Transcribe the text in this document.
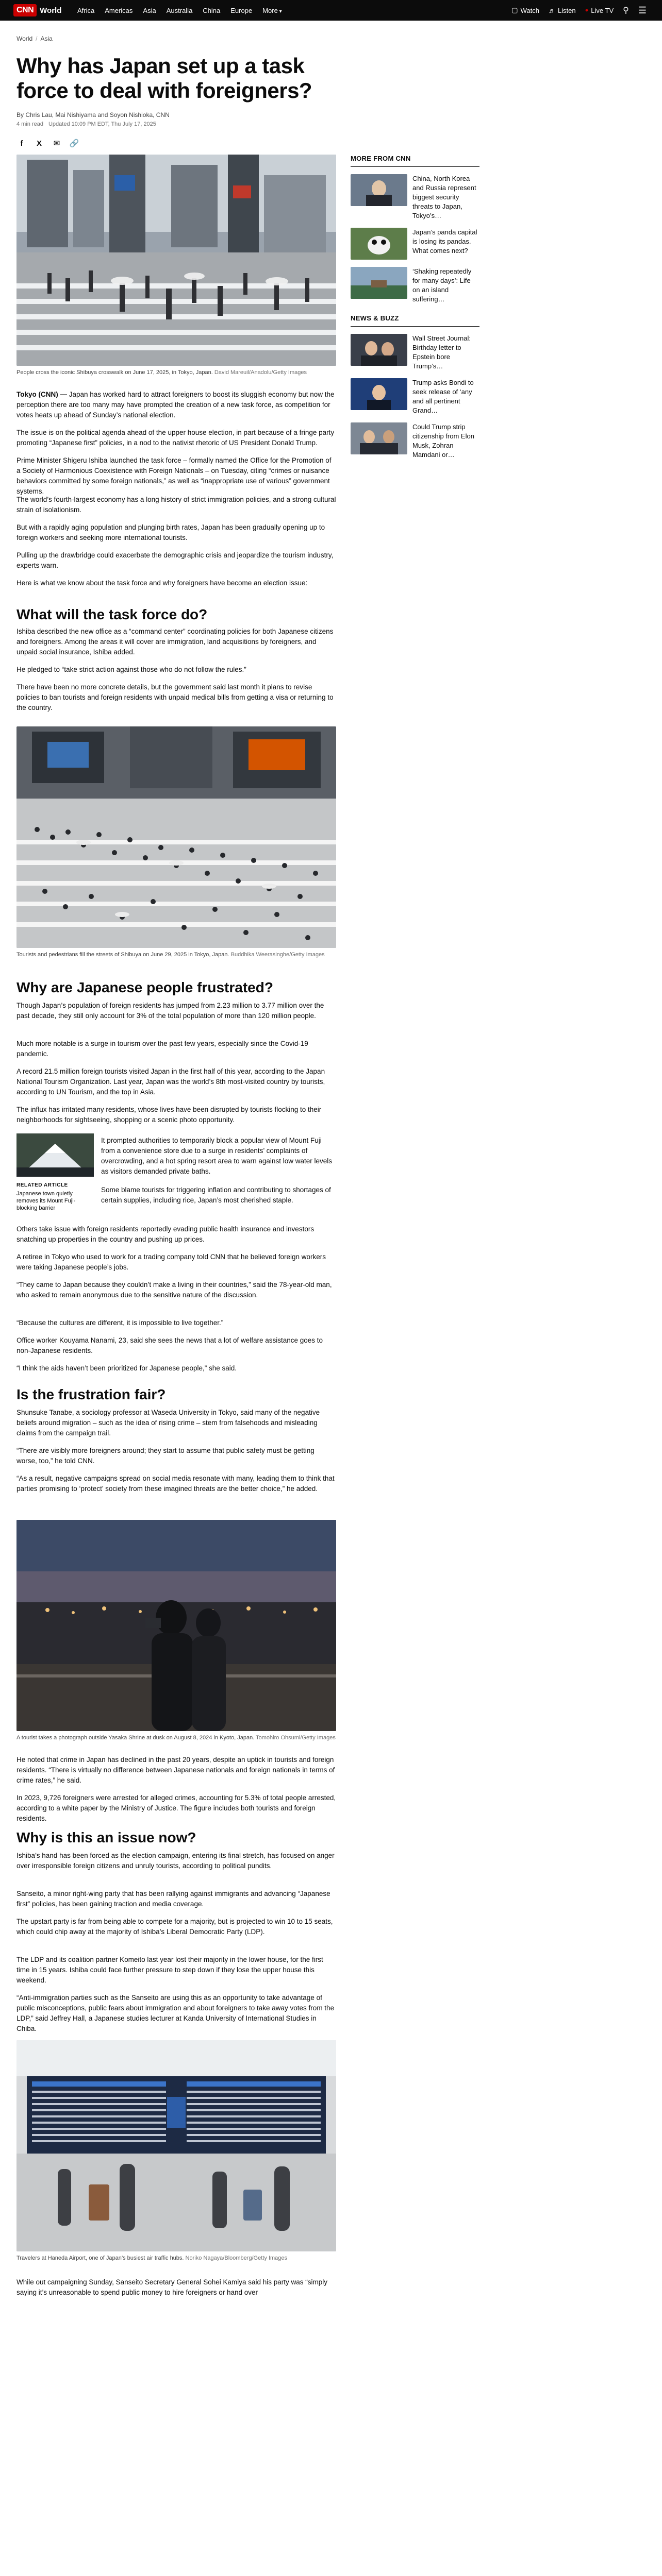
CNN World Africa Americas Asia Australia China Europe More ▾	▢ Watch ♬ Listen ● Live TV ⚲ ☰
World / Asia
Why has Japan set up a task force to deal with foreigners?
By Chris Lau, Mai Nishiyama and Soyon Nishioka, CNN
4 min read Updated 10:09 PM EDT, Thu July 17, 2025
f	X	✉ 🔗
People cross the iconic Shibuya crosswalk on June 17, 2025, in Tokyo, Japan. David Mareuil/Anadolu/Getty Images

Tokyo (CNN) — Japan has worked hard to attract foreigners to boost its sluggish economy but now the perception there are too many may have prompted the creation of a new task force, as competition for votes heats up ahead of Sunday’s national election.

The issue is on the political agenda ahead of the upper house election, in part because of a fringe party promoting “Japanese first” policies, in a nod to the nativist rhetoric of US President Donald Trump.

Prime Minister Shigeru Ishiba launched the task force – formally named the Office for the Promotion of a Society of Harmonious Coexistence with Foreign Nationals – on Tuesday, citing “crimes or nuisance behaviors committed by some foreign nationals,” as well as “inappropriate use of various” government systems.

The world’s fourth-largest economy has a long history of strict immigration policies, and a strong cultural strain of isolationism.

But with a rapidly aging population and plunging birth rates, Japan has been gradually opening up to foreign workers and seeking more international tourists.

Pulling up the drawbridge could exacerbate the demographic crisis and jeopardize the tourism industry, experts warn.

Here is what we know about the task force and why foreigners have become an election issue:

What will the task force do?

Ishiba described the new office as a “command center” coordinating policies for both Japanese citizens and foreigners. Among the areas it will cover are immigration, land acquisitions by foreigners, and unpaid social insurance, Ishiba added.

He pledged to “take strict action against those who do not follow the rules.”

There have been no more concrete details, but the government said last month it plans to revise policies to ban tourists and foreign residents with unpaid medical bills from getting a visa or returning to the country.

Tourists and pedestrians fill the streets of Shibuya on June 29, 2025 in Tokyo, Japan. Buddhika Weerasinghe/Getty Images
Why are Japanese people frustrated?

Though Japan’s population of foreign residents has jumped from 2.23 million to 3.77 million over the past decade, they still only account for 3% of the total population of more than 120 million people.

Much more notable is a surge in tourism over the past few years, especially since the Covid-19 pandemic.

A record 21.5 million foreign tourists visited Japan in the first half of this year, according to the Japan National Tourism Organization. Last year, Japan was the world’s 8th most-visited country by tourists, according to UN Tourism, and the top in Asia.

The influx has irritated many residents, whose lives have been disrupted by tourists flocking to their neighborhoods for sightseeing, shopping or a scenic photo opportunity.

RELATED ARTICLE
Japanese town quietly removes its Mount Fuji-blocking barrier

It prompted authorities to temporarily block a popular view of Mount Fuji from a convenience store due to a surge in residents’ complaints of overcrowding, and a hot spring resort area to warn against low water levels as visitors demanded private baths.

Some blame tourists for triggering inflation and contributing to shortages of certain supplies, including rice, Japan’s most cherished staple.

Others take issue with foreign residents reportedly evading public health insurance and investors snatching up properties in the country and pushing up prices.

A retiree in Tokyo who used to work for a trading company told CNN that he believed foreign workers were taking Japanese people’s jobs.

“They came to Japan because they couldn’t make a living in their countries,” said the 78-year-old man, who asked to remain anonymous due to the sensitive nature of the discussion.

“Because the cultures are different, it is impossible to live together.”

Office worker Kouyama Nanami, 23, said she sees the news that a lot of welfare assistance goes to non-Japanese residents.

“I think the aids haven’t been prioritized for Japanese people,” she said.

Is the frustration fair?

Shunsuke Tanabe, a sociology professor at Waseda University in Tokyo, said many of the negative beliefs around migration – such as the idea of rising crime – stem from falsehoods and misleading claims from the campaign trail.

“There are visibly more foreigners around; they start to assume that public safety must be getting worse, too,” he told CNN.

“As a result, negative campaigns spread on social media resonate with many, leading them to think that parties promising to ‘protect’ society from these imagined threats are the better choice,” he added.

A tourist takes a photograph outside Yasaka Shrine at dusk on August 8, 2024 in Kyoto, Japan. Tomohiro Ohsumi/Getty Images

He noted that crime in Japan has declined in the past 20 years, despite an uptick in tourists and foreign residents. “There is virtually no difference between Japanese nationals and foreign nationals in terms of crime rates,” he said.

In 2023, 9,726 foreigners were arrested for alleged crimes, accounting for 5.3% of total people arrested, according to a white paper by the Ministry of Justice. The figure includes both tourists and foreign residents.

Why is this an issue now?

Ishiba’s hand has been forced as the election campaign, entering its final stretch, has focused on anger over irresponsible foreign citizens and unruly tourists, according to political pundits.

Sanseito, a minor right-wing party that has been rallying against immigrants and advancing “Japanese first” policies, has been gaining traction and media coverage.

The upstart party is far from being able to compete for a majority, but is projected to win 10 to 15 seats, which could chip away at the majority of Ishiba’s Liberal Democratic Party (LDP).

The LDP and its coalition partner Komeito last year lost their majority in the lower house, for the first time in 15 years. Ishiba could face further pressure to step down if they lose the upper house this weekend.

“Anti-immigration parties such as the Sanseito are using this as an opportunity to take advantage of public misconceptions, public fears about immigration and about foreigners to take away votes from the LDP,” said Jeffrey Hall, a Japanese studies lecturer at Kanda University of International Studies in Chiba.

Travelers at Haneda Airport, one of Japan’s busiest air traffic hubs. Noriko Nagaya/Bloomberg/Getty Images

While out campaigning Sunday, Sanseito Secretary General Sohei Kamiya said his party was “simply saying it’s unreasonable to spend public money to hire foreigners or hand over

MORE FROM CNN
China, North Korea and Russia represent biggest security threats to Japan, Tokyo’s…
Japan’s panda capital is losing its pandas. What comes next?
‘Shaking repeatedly for many days’: Life on an island suffering…
NEWS & BUZZ
Wall Street Journal: Birthday letter to Epstein bore Trump’s…
Trump asks Bondi to seek release of ‘any and all pertinent Grand…
Could Trump strip citizenship from Elon Musk, Zohran Mamdani or…
